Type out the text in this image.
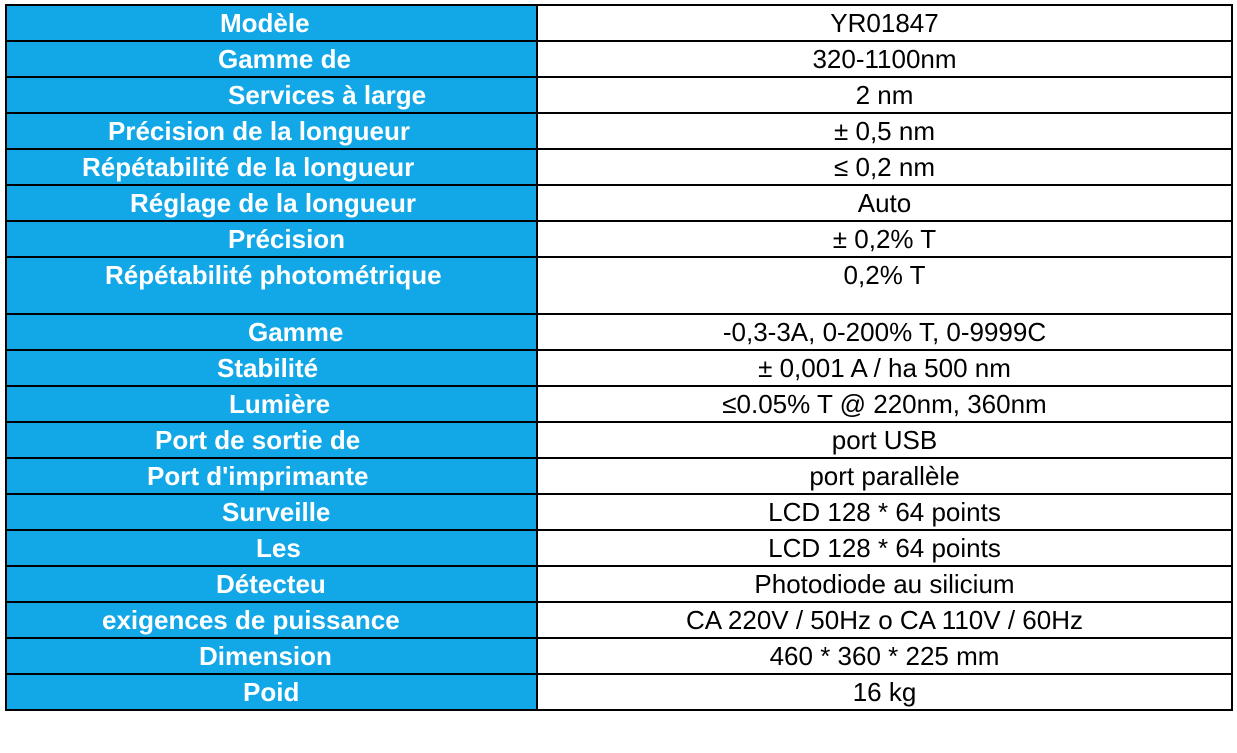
Modèle	YR01847
Gamme de	320-1100nm
Services à large	2 nm
Précision de la longueur	± 0,5 nm
Répétabilité de la longueur	≤ 0,2 nm
Réglage de la longueur	Auto
Précision	± 0,2% T
Répétabilité photométrique	0,2% T
Gamme	-0,3-3A, 0-200% T, 0-9999C
Stabilité	± 0,001 A / ha 500 nm
Lumière	≤0.05% T @ 220nm, 360nm
Port de sortie de	port USB
Port d'imprimante	port parallèle
Surveille	LCD 128 * 64 points
Les	LCD 128 * 64 points
Détecteu	Photodiode au silicium
exigences de puissance	CA 220V / 50Hz o CA 110V / 60Hz
Dimension	460 * 360 * 225 mm
Poid	16 kg
